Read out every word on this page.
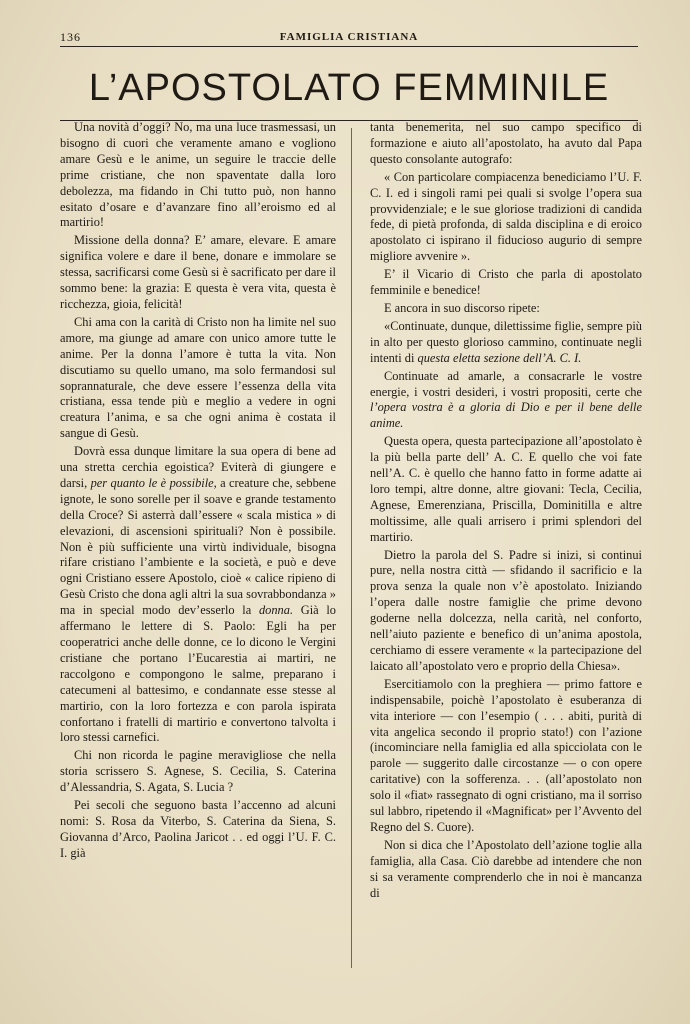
136	FAMIGLIA CRISTIANA
L’APOSTOLATO FEMMINILE

Una novità d’oggi? No, ma una luce trasmessasi, un bisogno di cuori che veramente amano e vogliono amare Gesù e le anime, un seguire le traccie delle prime cristiane, che non spaventate dalla loro debolezza, ma fidando in Chi tutto può, non hanno esitato d’osare e d’avanzare fino all’eroismo ed al martirio!

Missione della donna? E’ amare, elevare. E amare significa volere e dare il bene, donare e immolare se stessa, sacrificarsi come Gesù si è sacrificato per dare il sommo bene: la grazia: E questa è vera vita, questa è ricchezza, gioia, felicità!

Chi ama con la carità di Cristo non ha limite nel suo amore, ma giunge ad amare con unico amore tutte le anime. Per la donna l’amore è tutta la vita. Non discutiamo su quello umano, ma solo fermandosi sul soprannaturale, che deve essere l’essenza della vita cristiana, essa tende più e meglio a vedere in ogni creatura l’anima, e sa che ogni anima è costata il sangue di Gesù.

Dovrà essa dunque limitare la sua opera di bene ad una stretta cerchia egoistica? Eviterà di giungere e darsi, per quanto le è possibile, a creature che, sebbene ignote, le sono sorelle per il soave e grande testamento della Croce? Si asterrà dall’essere « scala mistica » di elevazioni, di ascensioni spirituali? Non è possibile. Non è più sufficiente una virtù individuale, bisogna rifare cristiano l’ambiente e la società, e può e deve ogni Cristiano essere Apostolo, cioè « calice ripieno di Gesù Cristo che dona agli altri la sua sovrabbondanza » ma in special modo dev’esserlo la donna. Già lo affermano le lettere di S. Paolo: Egli ha per cooperatrici anche delle donne, ce lo dicono le Vergini cristiane che portano l’Eucarestia ai martiri, ne raccolgono e compongono le salme, preparano i catecumeni al battesimo, e condannate esse stesse al martirio, con la loro fortezza e con parola ispirata confortano i fratelli di martirio e convertono talvolta i loro stessi carnefici.

Chi non ricorda le pagine meravigliose che nella storia scrissero S. Agnese, S. Cecilia, S. Caterina d’Alessandria, S. Agata, S. Lucia ?

Pei secoli che seguono basta l’accenno ad alcuni nomi: S. Rosa da Viterbo, S. Caterina da Siena, S. Giovanna d’Arco, Paolina Jaricot . . ed oggi l’U. F. C. I. già

tanta benemerita, nel suo campo specifico di formazione e aiuto all’apostolato, ha avuto dal Papa questo consolante autografo:

« Con particolare compiacenza benediciamo l’U. F. C. I. ed i singoli rami pei quali si svolge l’opera sua provvidenziale; e le sue gloriose tradizioni di candida fede, di pietà profonda, di salda disciplina e di eroico apostolato ci ispirano il fiducioso augurio di sempre migliore avvenire ».

E’ il Vicario di Cristo che parla di apostolato femminile e benedice!

E ancora in suo discorso ripete:

«Continuate, dunque, dilettissime figlie, sempre più in alto per questo glorioso cammino, continuate negli intenti di questa eletta sezione dell’A. C. I.

Continuate ad amarle, a consacrarle le vostre energie, i vostri desideri, i vostri propositi, certe che l’opera vostra è a gloria di Dio e per il bene delle anime.

Questa opera, questa partecipazione all’apostolato è la più bella parte dell’ A. C. E quello che voi fate nell’A. C. è quello che hanno fatto in forme adatte ai loro tempi, altre donne, altre giovani: Tecla, Cecilia, Agnese, Emerenziana, Priscilla, Dominitilla e altre moltissime, alle quali arrisero i primi splendori del martirio.

Dietro la parola del S. Padre si inizi, si continui pure, nella nostra città — sfidando il sacrificio e la prova senza la quale non v’è apostolato. Iniziando l’opera dalle nostre famiglie che prime devono goderne nella dolcezza, nella carità, nel conforto, nell’aiuto paziente e benefico di un’anima apostola, cerchiamo di essere veramente « la partecipazione del laicato all’apostolato vero e proprio della Chiesa».

Esercitiamolo con la preghiera — primo fattore e indispensabile, poichè l’apostolato è esuberanza di vita interiore — con l’esempio ( . . . abiti, purità di vita angelica secondo il proprio stato!) con l’azione (incominciare nella famiglia ed alla spicciolata con le parole — suggerito dalle circostanze — o con opere caritative) con la sofferenza. . . (all’apostolato non solo il «fiat» rassegnato di ogni cristiano, ma il sorriso sul labbro, ripetendo il «Magnificat» per l’Avvento del Regno del S. Cuore).

Non si dica che l’Apostolato dell’azione toglie alla famiglia, alla Casa. Ciò darebbe ad intendere che non si sa veramente comprenderlo che in noi è mancanza di
